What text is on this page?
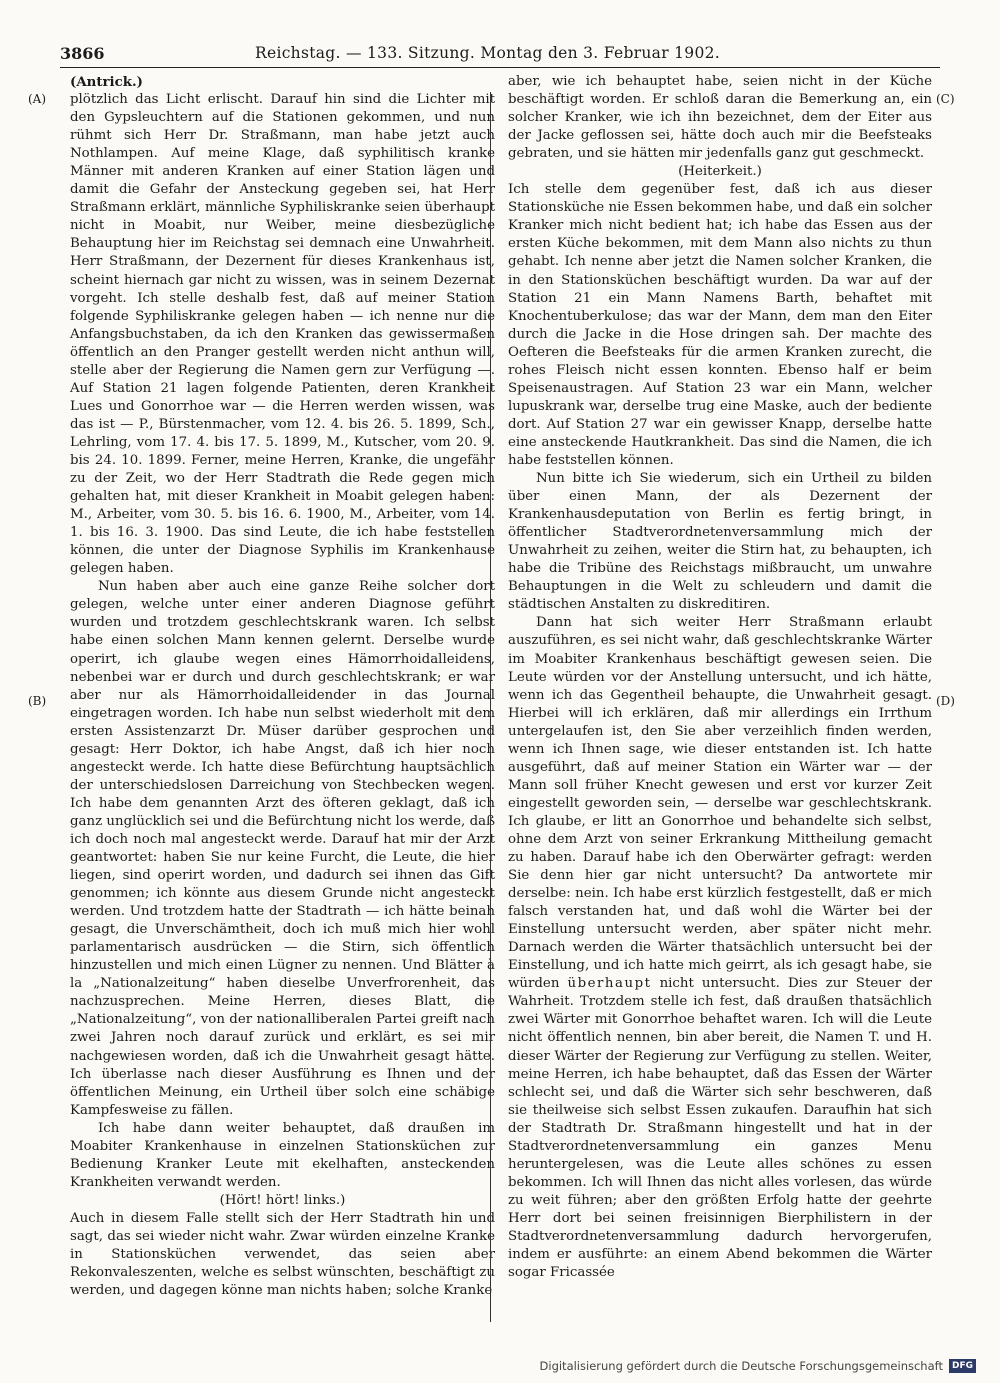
3866	Reichstag. — 133. Sitzung. Montag den 3. Februar 1902.
(A)
(B)
(C)
(D)

(Antrick.)

plötzlich das Licht erlischt. Darauf hin sind die Lichter mit den Gypsleuchtern auf die Stationen gekommen, und nun rühmt sich Herr Dr. Straßmann, man habe jetzt auch Nothlampen. Auf meine Klage, daß syphilitisch kranke Männer mit anderen Kranken auf einer Station lägen und damit die Gefahr der Ansteckung gegeben sei, hat Herr Straßmann erklärt, männliche Syphiliskranke seien überhaupt nicht in Moabit, nur Weiber, meine diesbezügliche Behauptung hier im Reichstag sei demnach eine Unwahrheit. Herr Straßmann, der Dezernent für dieses Krankenhaus ist, scheint hiernach gar nicht zu wissen, was in seinem Dezernat vorgeht. Ich stelle deshalb fest, daß auf meiner Station folgende Syphiliskranke gelegen haben — ich nenne nur die Anfangsbuchstaben, da ich den Kranken das gewissermaßen öffentlich an den Pranger gestellt werden nicht anthun will, stelle aber der Regierung die Namen gern zur Verfügung —. Auf Station 21 lagen folgende Patienten, deren Krankheit Lues und Gonorrhoe war — die Herren werden wissen, was das ist — P., Bürstenmacher, vom 12. 4. bis 26. 5. 1899, Sch., Lehrling, vom 17. 4. bis 17. 5. 1899, M., Kutscher, vom 20. 9. bis 24. 10. 1899. Ferner, meine Herren, Kranke, die ungefähr zu der Zeit, wo der Herr Stadtrath die Rede gegen mich gehalten hat, mit dieser Krankheit in Moabit gelegen haben: M., Arbeiter, vom 30. 5. bis 16. 6. 1900, M., Arbeiter, vom 14. 1. bis 16. 3. 1900. Das sind Leute, die ich habe feststellen können, die unter der Diagnose Syphilis im Krankenhause gelegen haben.

Nun haben aber auch eine ganze Reihe solcher dort gelegen, welche unter einer anderen Diagnose geführt wurden und trotzdem geschlechtskrank waren. Ich selbst habe einen solchen Mann kennen gelernt. Derselbe wurde operirt, ich glaube wegen eines Hämorrhoidalleidens, nebenbei war er durch und durch geschlechtskrank; er war aber nur als Hämorrhoidalleidender in das Journal eingetragen worden. Ich habe nun selbst wiederholt mit dem ersten Assistenzarzt Dr. Müser darüber gesprochen und gesagt: Herr Doktor, ich habe Angst, daß ich hier noch angesteckt werde. Ich hatte diese Befürchtung hauptsächlich der unterschiedslosen Darreichung von Stechbecken wegen. Ich habe dem genannten Arzt des öfteren geklagt, daß ich ganz unglücklich sei und die Befürchtung nicht los werde, daß ich doch noch mal angesteckt werde. Darauf hat mir der Arzt geantwortet: haben Sie nur keine Furcht, die Leute, die hier liegen, sind operirt worden, und dadurch sei ihnen das Gift genommen; ich könnte aus diesem Grunde nicht angesteckt werden. Und trotzdem hatte der Stadtrath — ich hätte beinah gesagt, die Unverschämtheit, doch ich muß mich hier wohl parlamentarisch ausdrücken — die Stirn, sich öffentlich hinzustellen und mich einen Lügner zu nennen. Und Blätter à la „Nationalzeitung“ haben dieselbe Unverfrorenheit, das nachzusprechen. Meine Herren, dieses Blatt, die „Nationalzeitung“, von der nationalliberalen Partei greift nach zwei Jahren noch darauf zurück und erklärt, es sei mir nachgewiesen worden, daß ich die Unwahrheit gesagt hätte. Ich überlasse nach dieser Ausführung es Ihnen und der öffentlichen Meinung, ein Urtheil über solch eine schäbige Kampfesweise zu fällen.

Ich habe dann weiter behauptet, daß draußen im Moabiter Krankenhause in einzelnen Stationsküchen zur Bedienung Kranker Leute mit ekelhaften, ansteckenden Krankheiten verwandt werden.

(Hört! hört! links.)

Auch in diesem Falle stellt sich der Herr Stadtrath hin und sagt, das sei wieder nicht wahr. Zwar würden einzelne Kranke in Stationsküchen verwendet, das seien aber Rekonvaleszenten, welche es selbst wünschten, beschäftigt zu werden, und dagegen könne man nichts haben; solche Kranke

aber, wie ich behauptet habe, seien nicht in der Küche beschäftigt worden. Er schloß daran die Bemerkung an, ein solcher Kranker, wie ich ihn bezeichnet, dem der Eiter aus der Jacke geflossen sei, hätte doch auch mir die Beefsteaks gebraten, und sie hätten mir jedenfalls ganz gut geschmeckt.

(Heiterkeit.)

Ich stelle dem gegenüber fest, daß ich aus dieser Stationsküche nie Essen bekommen habe, und daß ein solcher Kranker mich nicht bedient hat; ich habe das Essen aus der ersten Küche bekommen, mit dem Mann also nichts zu thun gehabt. Ich nenne aber jetzt die Namen solcher Kranken, die in den Stationsküchen beschäftigt wurden. Da war auf der Station 21 ein Mann Namens Barth, behaftet mit Knochentuberkulose; das war der Mann, dem man den Eiter durch die Jacke in die Hose dringen sah. Der machte des Oefteren die Beefsteaks für die armen Kranken zurecht, die rohes Fleisch nicht essen konnten. Ebenso half er beim Speisenaustragen. Auf Station 23 war ein Mann, welcher lupuskrank war, derselbe trug eine Maske, auch der bediente dort. Auf Station 27 war ein gewisser Knapp, derselbe hatte eine ansteckende Hautkrankheit. Das sind die Namen, die ich habe feststellen können.

Nun bitte ich Sie wiederum, sich ein Urtheil zu bilden über einen Mann, der als Dezernent der Krankenhausdeputation von Berlin es fertig bringt, in öffentlicher Stadtverordnetenversammlung mich der Unwahrheit zu zeihen, weiter die Stirn hat, zu behaupten, ich habe die Tribüne des Reichstags mißbraucht, um unwahre Behauptungen in die Welt zu schleudern und damit die städtischen Anstalten zu diskreditiren.

Dann hat sich weiter Herr Straßmann erlaubt auszuführen, es sei nicht wahr, daß geschlechtskranke Wärter im Moabiter Krankenhaus beschäftigt gewesen seien. Die Leute würden vor der Anstellung untersucht, und ich hätte, wenn ich das Gegentheil behaupte, die Unwahrheit gesagt. Hierbei will ich erklären, daß mir allerdings ein Irrthum untergelaufen ist, den Sie aber verzeihlich finden werden, wenn ich Ihnen sage, wie dieser entstanden ist. Ich hatte ausgeführt, daß auf meiner Station ein Wärter war — der Mann soll früher Knecht gewesen und erst vor kurzer Zeit eingestellt geworden sein, — derselbe war geschlechtskrank. Ich glaube, er litt an Gonorrhoe und behandelte sich selbst, ohne dem Arzt von seiner Erkrankung Mittheilung gemacht zu haben. Darauf habe ich den Oberwärter gefragt: werden Sie denn hier gar nicht untersucht? Da antwortete mir derselbe: nein. Ich habe erst kürzlich festgestellt, daß er mich falsch verstanden hat, und daß wohl die Wärter bei der Einstellung untersucht werden, aber später nicht mehr. Darnach werden die Wärter thatsächlich untersucht bei der Einstellung, und ich hatte mich geirrt, als ich gesagt habe, sie würden überhaupt nicht untersucht. Dies zur Steuer der Wahrheit. Trotzdem stelle ich fest, daß draußen thatsächlich zwei Wärter mit Gonorrhoe behaftet waren. Ich will die Leute nicht öffentlich nennen, bin aber bereit, die Namen T. und H. dieser Wärter der Regierung zur Verfügung zu stellen. Weiter, meine Herren, ich habe behauptet, daß das Essen der Wärter schlecht sei, und daß die Wärter sich sehr beschweren, daß sie theilweise sich selbst Essen zukaufen. Daraufhin hat sich der Stadtrath Dr. Straßmann hingestellt und hat in der Stadtverordnetenversammlung ein ganzes Menu heruntergelesen, was die Leute alles schönes zu essen bekommen. Ich will Ihnen das nicht alles vorlesen, das würde zu weit führen; aber den größten Erfolg hatte der geehrte Herr dort bei seinen freisinnigen Bierphilistern in der Stadtverordnetenversammlung dadurch hervorgerufen, indem er ausführte: an einem Abend bekommen die Wärter sogar Fricassée

Digitalisierung gefördert durch die Deutsche Forschungsgemeinschaft	DFG
